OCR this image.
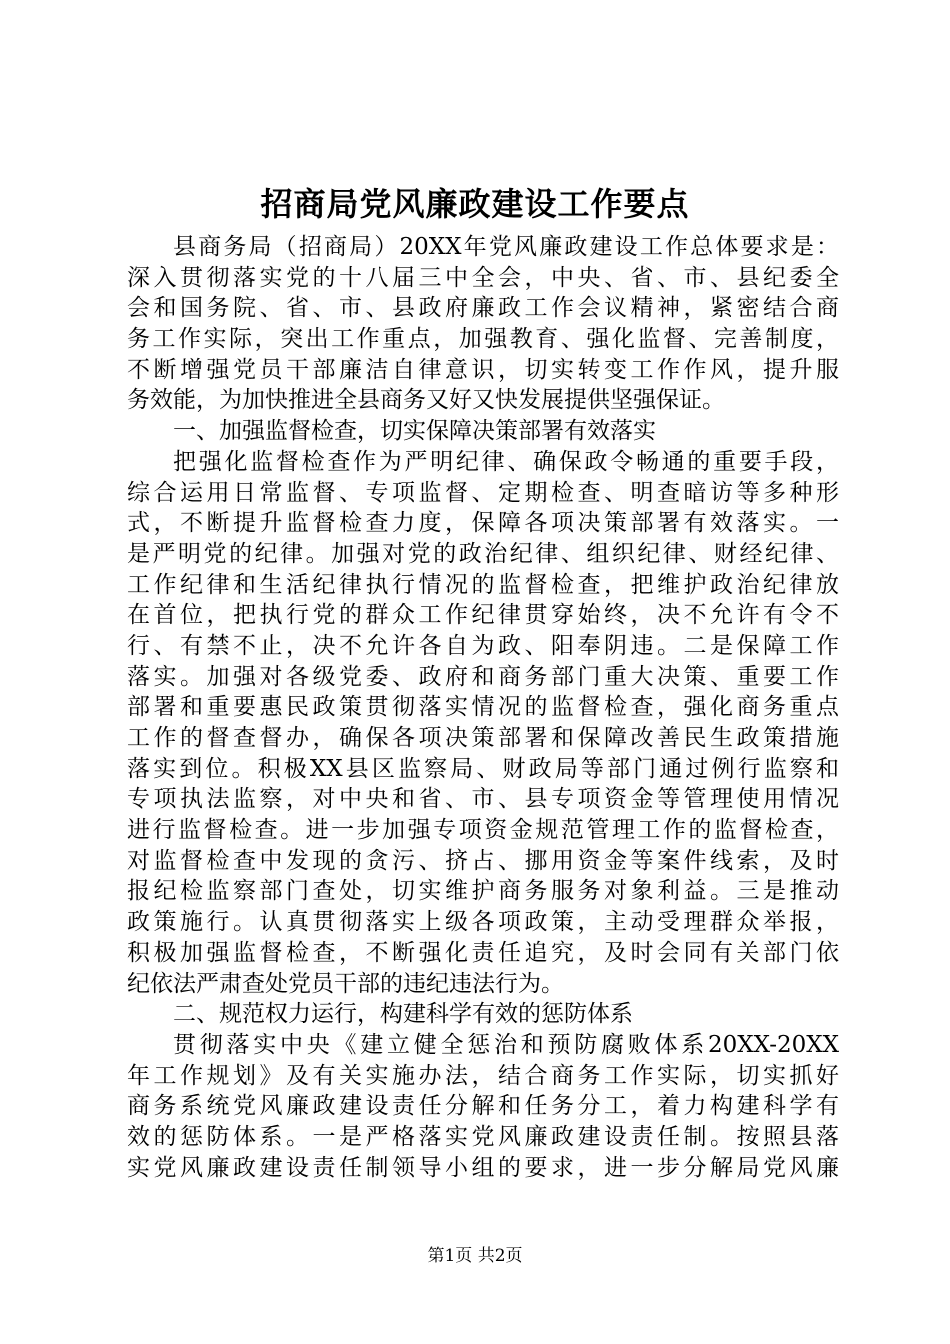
招商局党风廉政建设工作要点
县商务局（招商局）20XX年党风廉政建设工作总体要求是：
深入贯彻落实党的十八届三中全会，中央、省、市、县纪委全
会和国务院、省、市、县政府廉政工作会议精神，紧密结合商
务工作实际，突出工作重点，加强教育、强化监督、完善制度，
不断增强党员干部廉洁自律意识，切实转变工作作风，提升服
务效能，为加快推进全县商务又好又快发展提供坚强保证。
一、加强监督检查，切实保障决策部署有效落实
把强化监督检查作为严明纪律、确保政令畅通的重要手段，
综合运用日常监督、专项监督、定期检查、明查暗访等多种形
式，不断提升监督检查力度，保障各项决策部署有效落实。一
是严明党的纪律。加强对党的政治纪律、组织纪律、财经纪律、
工作纪律和生活纪律执行情况的监督检查，把维护政治纪律放
在首位，把执行党的群众工作纪律贯穿始终，决不允许有令不
行、有禁不止，决不允许各自为政、阳奉阴违。二是保障工作
落实。加强对各级党委、政府和商务部门重大决策、重要工作
部署和重要惠民政策贯彻落实情况的监督检查，强化商务重点
工作的督查督办，确保各项决策部署和保障改善民生政策措施
落实到位。积极XX县区监察局、财政局等部门通过例行监察和
专项执法监察，对中央和省、市、县专项资金等管理使用情况
进行监督检查。进一步加强专项资金规范管理工作的监督检查，
对监督检查中发现的贪污、挤占、挪用资金等案件线索，及时
报纪检监察部门查处，切实维护商务服务对象利益。三是推动
政策施行。认真贯彻落实上级各项政策，主动受理群众举报，
积极加强监督检查，不断强化责任追究，及时会同有关部门依
纪依法严肃查处党员干部的违纪违法行为。
二、规范权力运行，构建科学有效的惩防体系
贯彻落实中央《建立健全惩治和预防腐败体系20XX-20XX
年工作规划》及有关实施办法，结合商务工作实际，切实抓好
商务系统党风廉政建设责任分解和任务分工，着力构建科学有
效的惩防体系。一是严格落实党风廉政建设责任制。按照县落
实党风廉政建设责任制领导小组的要求，进一步分解局党风廉
第1页 共2页
